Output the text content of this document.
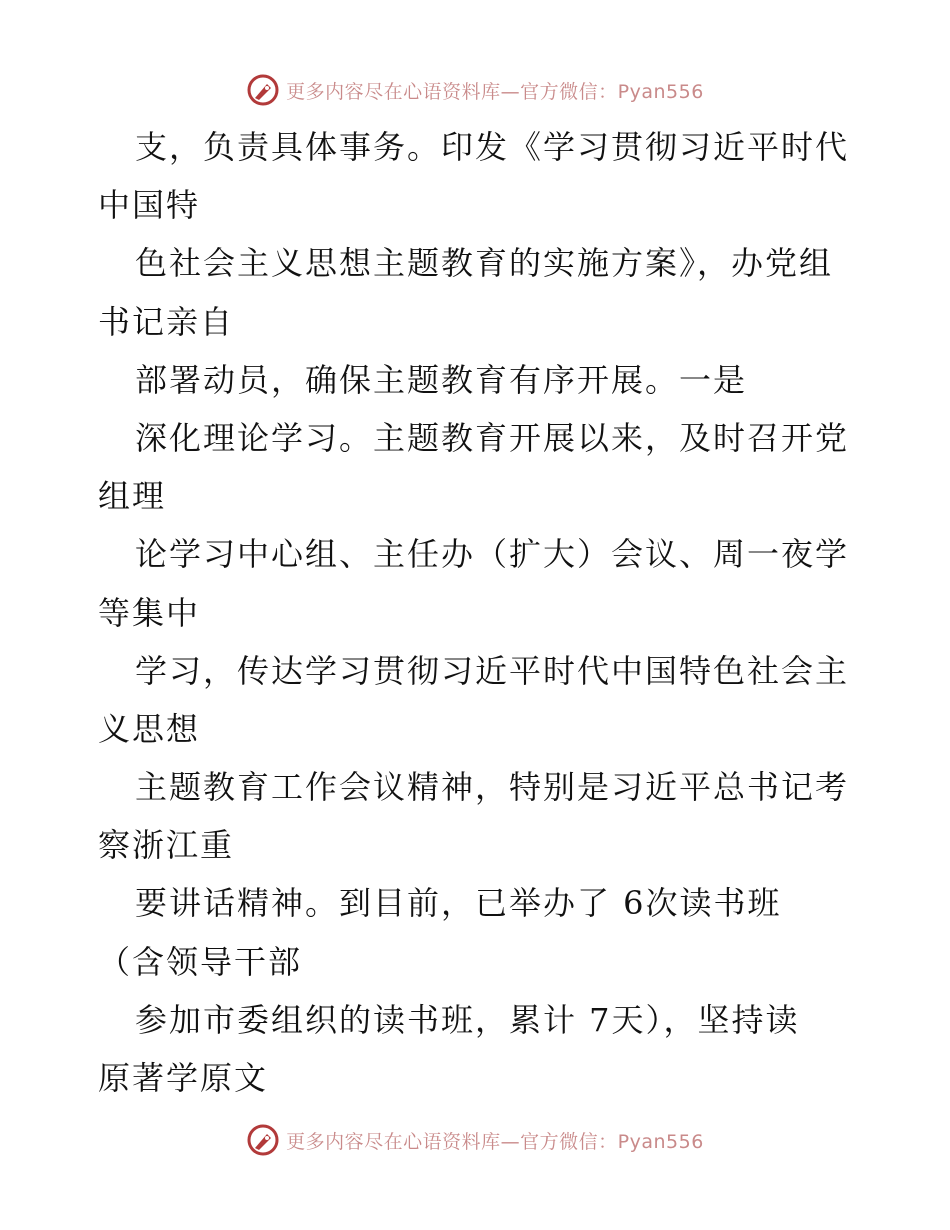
更多内容尽在心语资料库—官方微信：Pyan556
支，负责具体事务。印发《学习贯彻习近平时代
中国特
色社会主义思想主题教育的实施方案》，办党组
书记亲自
部署动员，确保主题教育有序开展。一是
深化理论学习。主题教育开展以来，及时召开党
组理
论学习中心组、主任办（扩大）会议、周一夜学
等集中
学习，传达学习贯彻习近平时代中国特色社会主
义思想
主题教育工作会议精神，特别是习近平总书记考
察浙江重
要讲话精神。到目前，已举办了 6次读书班
（含领导干部
参加市委组织的读书班，累计 7天），坚持读
原著学原文
更多内容尽在心语资料库—官方微信：Pyan556
